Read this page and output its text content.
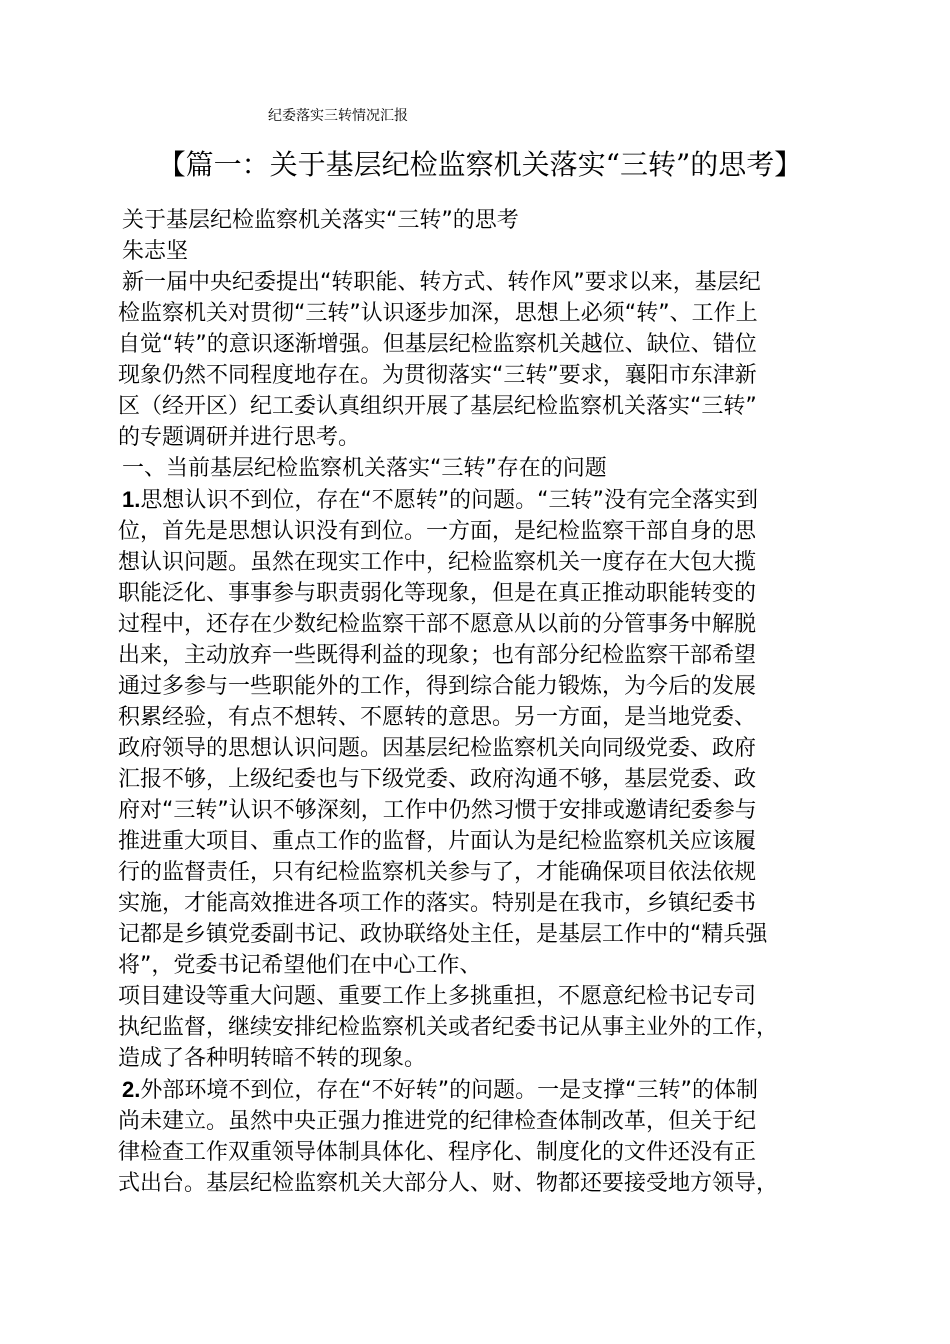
纪委落实三转情况汇报
【篇一：关于基层纪检监察机关落实“三转”的思考】

关于基层纪检监察机关落实“三转”的思考

朱志坚

新一届中央纪委提出“转职能、转方式、转作风”要求以来，基层纪
检监察机关对贯彻“三转”认识逐步加深，思想上必须“转”、工作上
自觉“转”的意识逐渐增强。但基层纪检监察机关越位、缺位、错位
现象仍然不同程度地存在。为贯彻落实“三转”要求，襄阳市东津新
区（经开区）纪工委认真组织开展了基层纪检监察机关落实“三转”
的专题调研并进行思考。

一、当前基层纪检监察机关落实“三转”存在的问题

1.思想认识不到位，存在“不愿转”的问题。“三转”没有完全落实到
位，首先是思想认识没有到位。一方面，是纪检监察干部自身的思
想认识问题。虽然在现实工作中，纪检监察机关一度存在大包大揽
职能泛化、事事参与职责弱化等现象，但是在真正推动职能转变的
过程中，还存在少数纪检监察干部不愿意从以前的分管事务中解脱
出来，主动放弃一些既得利益的现象；也有部分纪检监察干部希望
通过多参与一些职能外的工作，得到综合能力锻炼，为今后的发展
积累经验，有点不想转、不愿转的意思。另一方面，是当地党委、
政府领导的思想认识问题。因基层纪检监察机关向同级党委、政府
汇报不够，上级纪委也与下级党委、政府沟通不够，基层党委、政
府对“三转”认识不够深刻，工作中仍然习惯于安排或邀请纪委参与
推进重大项目、重点工作的监督，片面认为是纪检监察机关应该履
行的监督责任，只有纪检监察机关参与了，才能确保项目依法依规
实施，才能高效推进各项工作的落实。特别是在我市，乡镇纪委书
记都是乡镇党委副书记、政协联络处主任，是基层工作中的“精兵强
将”，党委书记希望他们在中心工作、
项目建设等重大问题、重要工作上多挑重担，不愿意纪检书记专司
执纪监督，继续安排纪检监察机关或者纪委书记从事主业外的工作，
造成了各种明转暗不转的现象。

2.外部环境不到位，存在“不好转”的问题。一是支撑“三转”的体制
尚未建立。虽然中央正强力推进党的纪律检查体制改革，但关于纪
律检查工作双重领导体制具体化、程序化、制度化的文件还没有正
式出台。基层纪检监察机关大部分人、财、物都还要接受地方领导，
